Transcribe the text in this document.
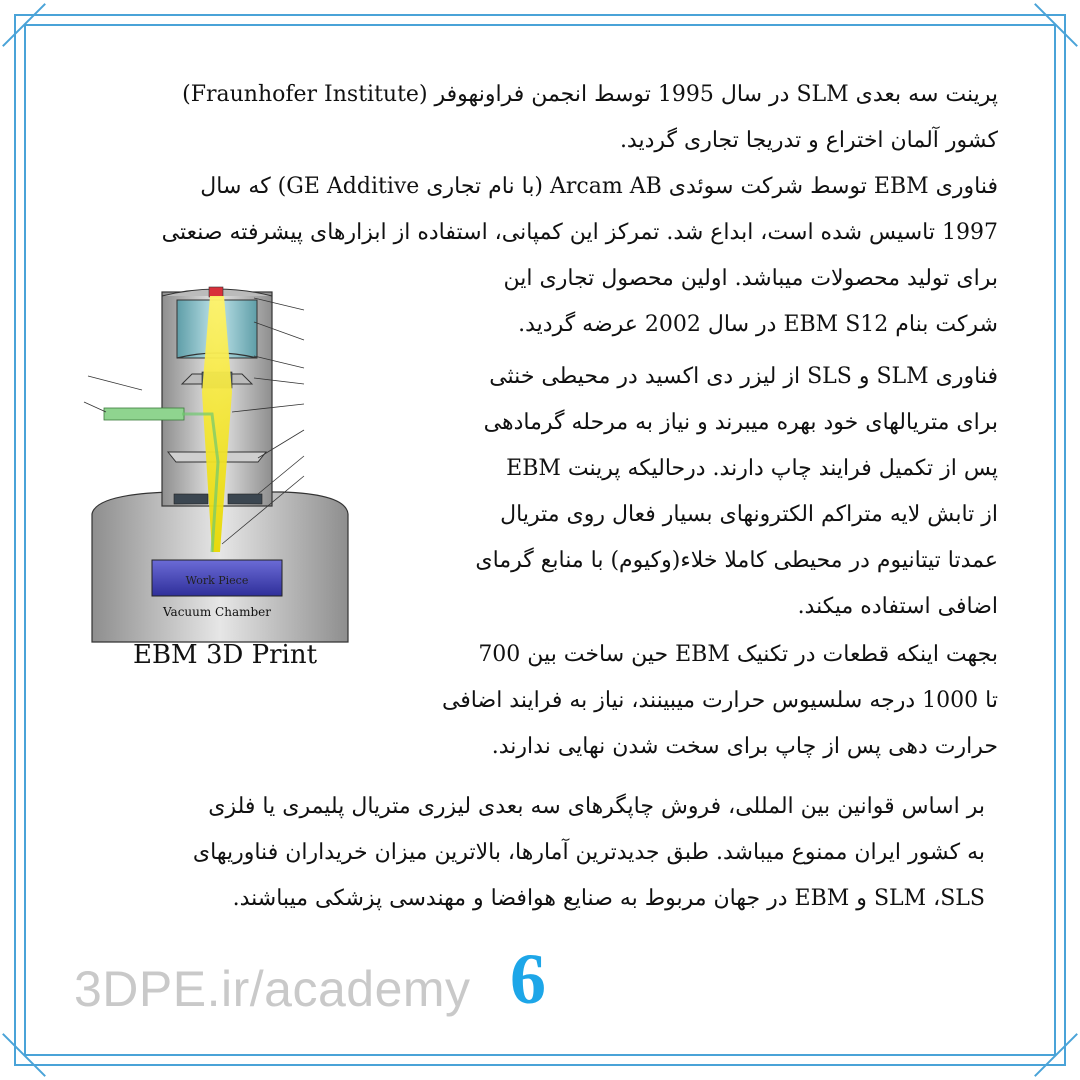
پرینت سه بعدی SLM در سال 1995 توسط انجمن فراونهوفر (Fraunhofer Institute)
کشور آلمان اختراع و تدریجا تجاری گردید.

فناوری EBM توسط شرکت سوئدی Arcam AB (با نام تجاری GE Additive) که سال
1997 تاسیس شده است، ابداع شد. تمرکز این کمپانی، استفاده از ابزارهای پیشرفته صنعتی

برای تولید محصولات میباشد. اولین محصول تجاری این
شرکت بنام EBM S12 در سال 2002 عرضه گردید.

فناوری SLM و SLS از لیزر دی اکسید در محیطی خنثی
برای متریالهای خود بهره میبرند و نیاز به مرحله گرمادهی
پس از تکمیل فرایند چاپ دارند. درحالیکه پرینت EBM
از تابش لایه متراکم الکترونهای بسیار فعال روی متریال
عمدتا تیتانیوم در محیطی کاملا خلاء(وکیوم) با منابع گرمای
اضافی استفاده میکند.

بجهت اینکه قطعات در تکنیک EBM حین ساخت بین 700
تا 1000 درجه سلسیوس حرارت میبینند، نیاز به فرایند اضافی
حرارت دهی پس از چاپ برای سخت شدن نهایی ندارند.

بر اساس قوانین بین المللی، فروش چاپگرهای سه بعدی لیزری متریال پلیمری یا فلزی
به کشور ایران ممنوع میباشد. طبق جدیدترین آمارها، بالاترین میزان خریداران فناوریهای
SLM ،SLS و EBM در جهان مربوط به صنایع هوافضا و مهندسی پزشکی میباشند.

Work Piece
Vacuum Chamber
EBM 3D Print
3DPE.ir/academy 6
